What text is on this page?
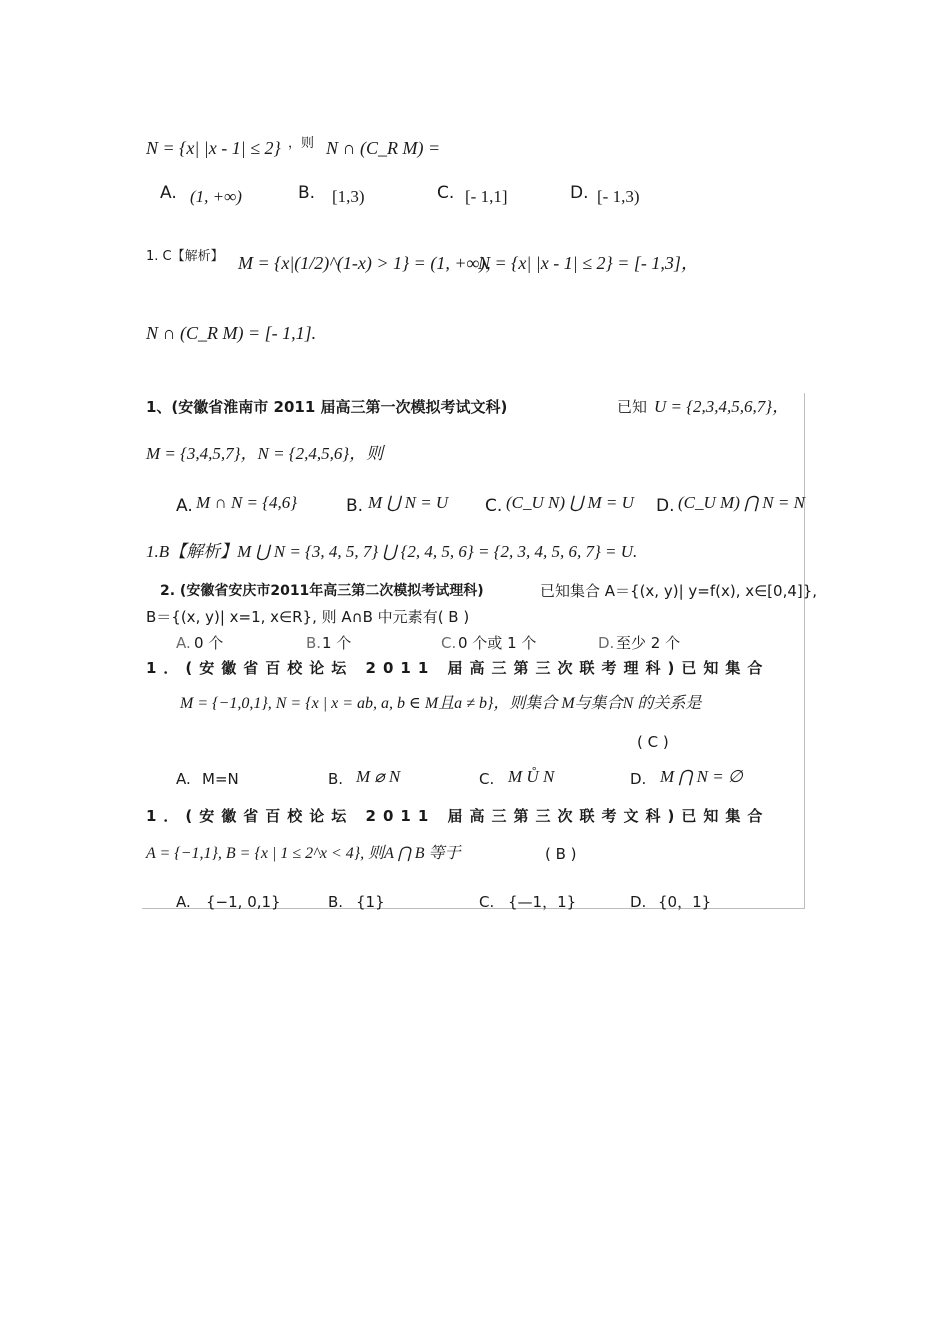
N = {x| |x - 1| ≤ 2} ，则 N ∩ (C_R M) =
A. (1, +∞)	B. [1,3)	C. [- 1,1]	D. [- 1,3)
1. C【解析】 M = {x|(1/2)^(1-x) > 1} = (1, +∞)，
N = {x| |x - 1| ≤ 2} = [- 1,3]，
N ∩ (C_R M) = [- 1,1].
1、(安徽省淮南市 2011 届高三第一次模拟考试文科)	已知 U = {2,3,4,5,6,7}，
M = {3,4,5,7}，N = {2,4,5,6}，则
A. M ∩ N = {4,6}	B. M ⋃ N = U C. (C_U N) ⋃ M = U D. (C_U M) ⋂ N = N
1.B【解析】M ⋃ N = {3, 4, 5, 7} ⋃ {2, 4, 5, 6} = {2, 3, 4, 5, 6, 7} = U.
2. (安徽省安庆市2011年高三第二次模拟考试理科)	已知集合 A＝{(x, y)| y=f(x), x∈[0,4]},
B＝{(x, y)| x=1, x∈R}, 则 A∩B 中元素有( B )
A. 0 个	B. 1 个	C. 0 个或 1 个	D. 至少 2 个
1．(安徽省百校论坛 2011 届高三第三次联考理科)已知集合
M = {−1,0,1}, N = {x | x = ab, a, b ∈ M且a ≠ b}，则集合 M与集合N 的关系是
( C )
A. M=N	B. M ⌀ N	C. M Ů N	D. M ⋂ N = ∅
1．(安徽省百校论坛 2011 届高三第三次联考文科)已知集合
A = {−1,1}, B = {x | 1 ≤ 2^x < 4}, 则A ⋂ B 等于	( B )
A. {−1, 0,1}	B. {1}	C. {—1，1}	D. {0，1}
